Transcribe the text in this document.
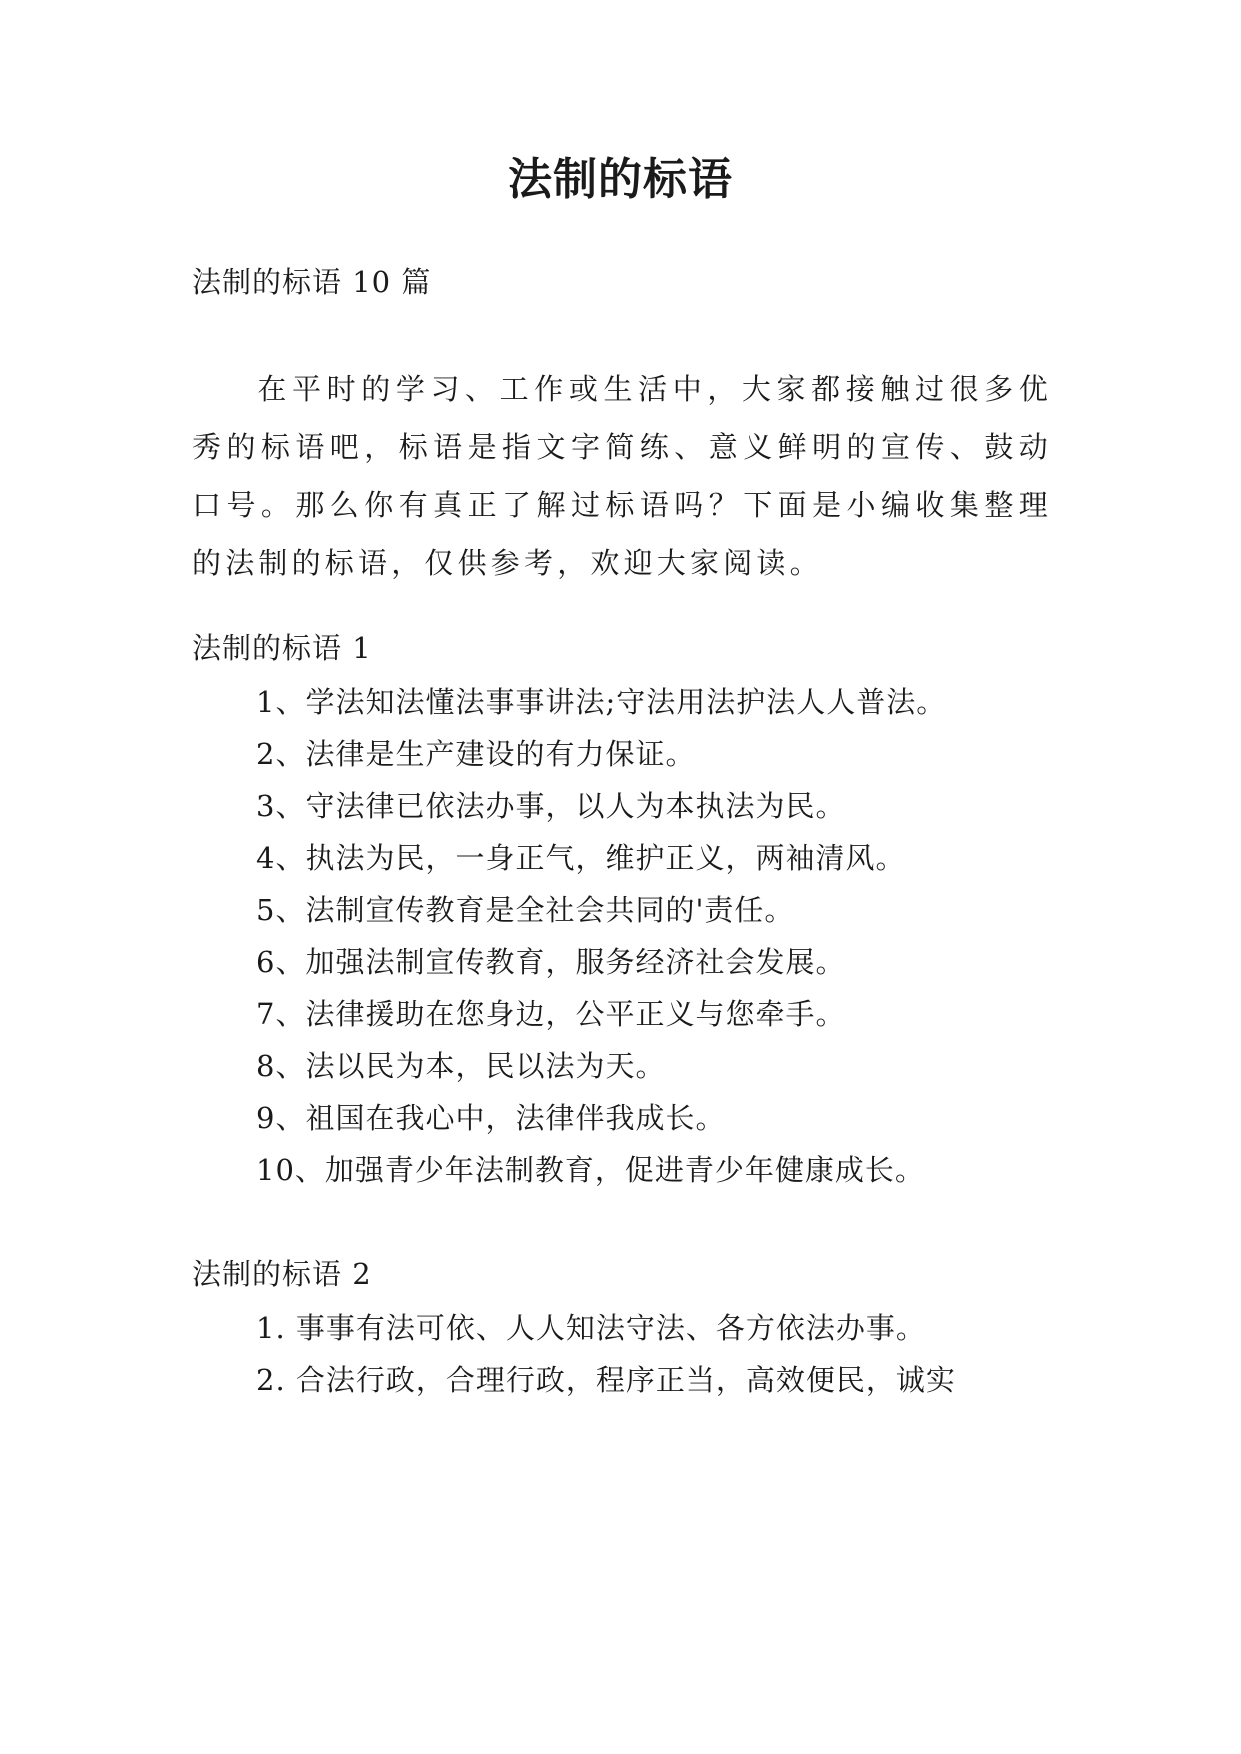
法制的标语
法制的标语 10 篇
在平时的学习、工作或生活中，大家都接触过很多优秀的标语吧，标语是指文字简练、意义鲜明的宣传、鼓动口号。那么你有真正了解过标语吗？下面是小编收集整理的法制的标语，仅供参考，欢迎大家阅读。
法制的标语 1
1、学法知法懂法事事讲法;守法用法护法人人普法。
2、法律是生产建设的有力保证。
3、守法律已依法办事，以人为本执法为民。
4、执法为民，一身正气，维护正义，两袖清风。
5、法制宣传教育是全社会共同的'责任。
6、加强法制宣传教育，服务经济社会发展。
7、法律援助在您身边，公平正义与您牵手。
8、法以民为本，民以法为天。
9、祖国在我心中，法律伴我成长。
10、加强青少年法制教育，促进青少年健康成长。
法制的标语 2
1. 事事有法可依、人人知法守法、各方依法办事。
2. 合法行政，合理行政，程序正当，高效便民，诚实
